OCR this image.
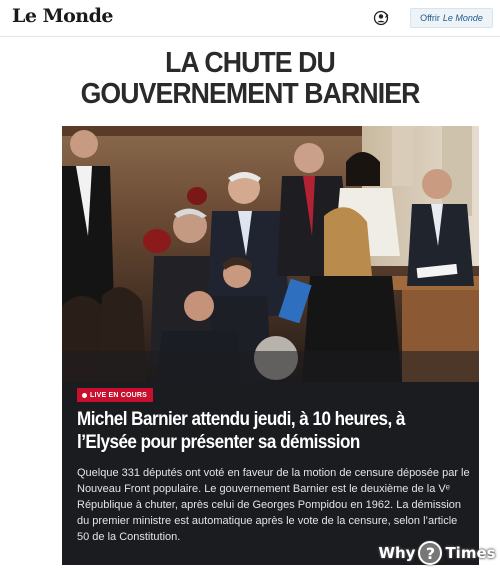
Le Monde	Offrir Le Monde
LA CHUTE DU GOUVERNEMENT BARNIER
LIVE EN COURS
Michel Barnier attendu jeudi, à 10 heures, à l’Elysée pour présenter sa démission

Quelque 331 députés ont voté en faveur de la motion de censure déposée par le Nouveau Front populaire. Le gouvernement Barnier est le deuxième de la Vᵉ République à chuter, après celui de Georges Pompidou en 1962. La démission du premier ministre est automatique après le vote de la censure, selon l’article 50 de la Constitution.

Why ? Times
